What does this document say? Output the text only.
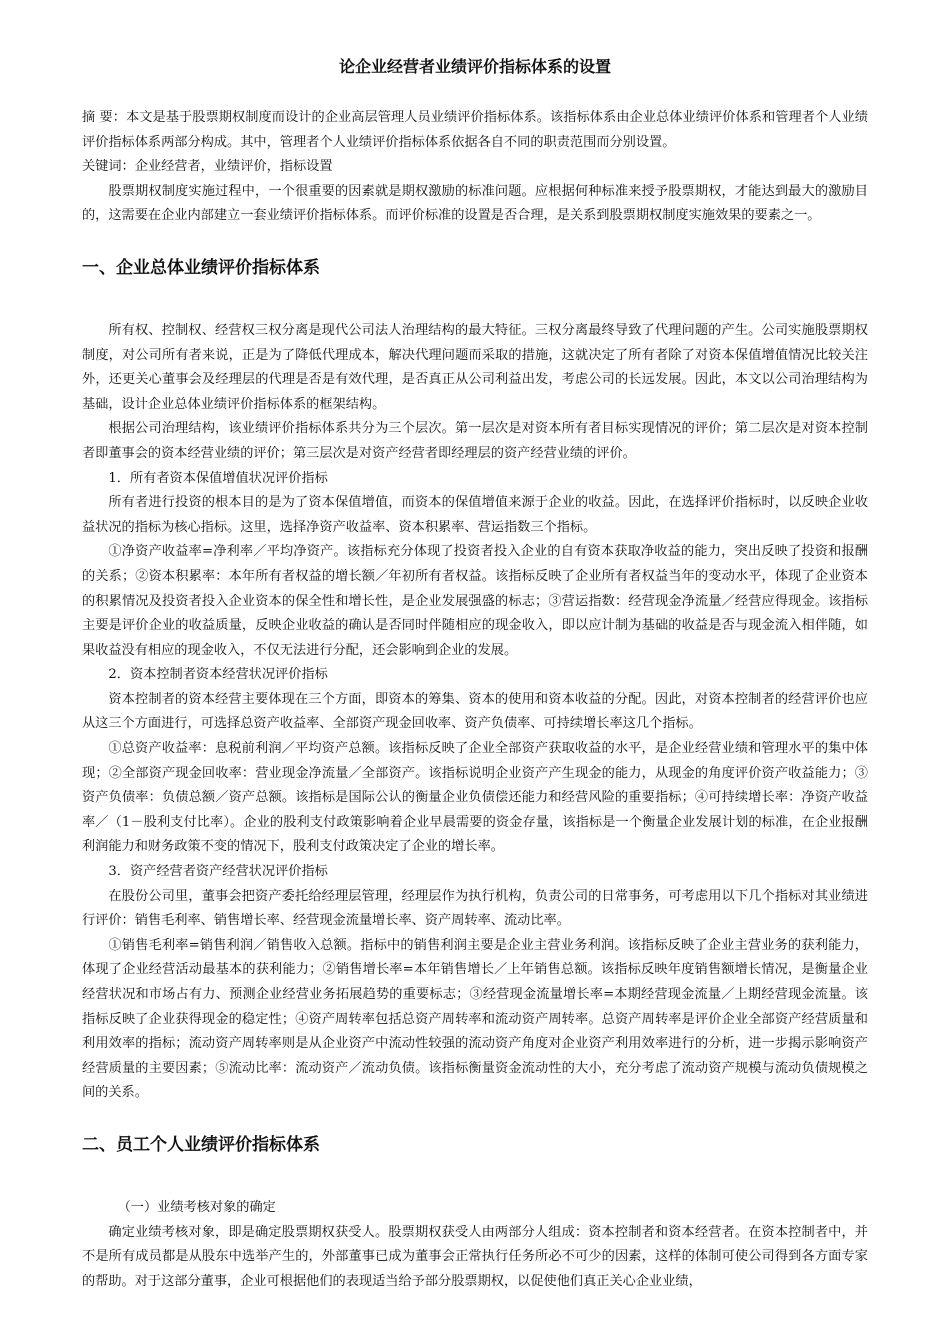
论企业经营者业绩评价指标体系的设置

摘 要：本文是基于股票期权制度而设计的企业高层管理人员业绩评价指标体系。该指标体系由企业总体业绩评价体系和管理者个人业绩评价指标体系两部分构成。其中，管理者个人业绩评价指标体系依据各自不同的职责范围而分别设置。

关键词：企业经营者，业绩评价，指标设置

股票期权制度实施过程中，一个很重要的因素就是期权激励的标准问题。应根据何种标准来授予股票期权，才能达到最大的激励目的，这需要在企业内部建立一套业绩评价指标体系。而评价标准的设置是否合理，是关系到股票期权制度实施效果的要素之一。

一、企业总体业绩评价指标体系

所有权、控制权、经营权三权分离是现代公司法人治理结构的最大特征。三权分离最终导致了代理问题的产生。公司实施股票期权制度，对公司所有者来说，正是为了降低代理成本，解决代理问题而采取的措施，这就决定了所有者除了对资本保值增值情况比较关注外，还更关心董事会及经理层的代理是否是有效代理，是否真正从公司利益出发，考虑公司的长远发展。因此，本文以公司治理结构为基础，设计企业总体业绩评价指标体系的框架结构。

根据公司治理结构，该业绩评价指标体系共分为三个层次。第一层次是对资本所有者目标实现情况的评价；第二层次是对资本控制者即董事会的资本经营业绩的评价；第三层次是对资产经营者即经理层的资产经营业绩的评价。

1．所有者资本保值增值状况评价指标

所有者进行投资的根本目的是为了资本保值增值，而资本的保值增值来源于企业的收益。因此，在选择评价指标时，以反映企业收益状况的指标为核心指标。这里，选择净资产收益率、资本积累率、营运指数三个指标。

①净资产收益率=净利率／平均净资产。该指标充分体现了投资者投入企业的自有资本获取净收益的能力，突出反映了投资和报酬的关系；②资本积累率：本年所有者权益的增长额／年初所有者权益。该指标反映了企业所有者权益当年的变动水平，体现了企业资本的积累情况及投资者投入企业资本的保全性和增长性，是企业发展强盛的标志；③营运指数：经营现金净流量／经营应得现金。该指标主要是评价企业的收益质量，反映企业收益的确认是否同时伴随相应的现金收入，即以应计制为基础的收益是否与现金流入相伴随，如果收益没有相应的现金收入，不仅无法进行分配，还会影响到企业的发展。

2．资本控制者资本经营状况评价指标

资本控制者的资本经营主要体现在三个方面，即资本的筹集、资本的使用和资本收益的分配。因此，对资本控制者的经营评价也应从这三个方面进行，可选择总资产收益率、全部资产现金回收率、资产负债率、可持续增长率这几个指标。

①总资产收益率：息税前利润／平均资产总额。该指标反映了企业全部资产获取收益的水平，是企业经营业绩和管理水平的集中体现；②全部资产现金回收率：营业现金净流量／全部资产。该指标说明企业资产产生现金的能力，从现金的角度评价资产收益能力；③资产负债率：负债总额／资产总额。该指标是国际公认的衡量企业负债偿还能力和经营风险的重要指标；④可持续增长率：净资产收益率／（1－股利支付比率）。企业的股利支付政策影响着企业早晨需要的资金存量，该指标是一个衡量企业发展计划的标准，在企业报酬利润能力和财务政策不变的情况下，股利支付政策决定了企业的增长率。

3．资产经营者资产经营状况评价指标

在股份公司里，董事会把资产委托给经理层管理，经理层作为执行机构，负责公司的日常事务，可考虑用以下几个指标对其业绩进行评价：销售毛利率、销售增长率、经营现金流量增长率、资产周转率、流动比率。

①销售毛利率=销售利润／销售收入总额。指标中的销售利润主要是企业主营业务利润。该指标反映了企业主营业务的获利能力，体现了企业经营活动最基本的获利能力；②销售增长率=本年销售增长／上年销售总额。该指标反映年度销售额增长情况，是衡量企业经营状况和市场占有力、预测企业经营业务拓展趋势的重要标志；③经营现金流量增长率=本期经营现金流量／上期经营现金流量。该指标反映了企业获得现金的稳定性；④资产周转率包括总资产周转率和流动资产周转率。总资产周转率是评价企业全部资产经营质量和利用效率的指标；流动资产周转率则是从企业资产中流动性较强的流动资产角度对企业资产利用效率进行的分析，进一步揭示影响资产经营质量的主要因素；⑤流动比率：流动资产／流动负债。该指标衡量资金流动性的大小，充分考虑了流动资产规模与流动负债规模之间的关系。

二、员工个人业绩评价指标体系

（一）业绩考核对象的确定

确定业绩考核对象，即是确定股票期权获受人。股票期权获受人由两部分人组成：资本控制者和资本经营者。在资本控制者中，并不是所有成员都是从股东中选举产生的，外部董事已成为董事会正常执行任务所必不可少的因素，这样的体制可使公司得到各方面专家的帮助。对于这部分董事，企业可根据他们的表现适当给予部分股票期权，以促使他们真正关心企业业绩，
